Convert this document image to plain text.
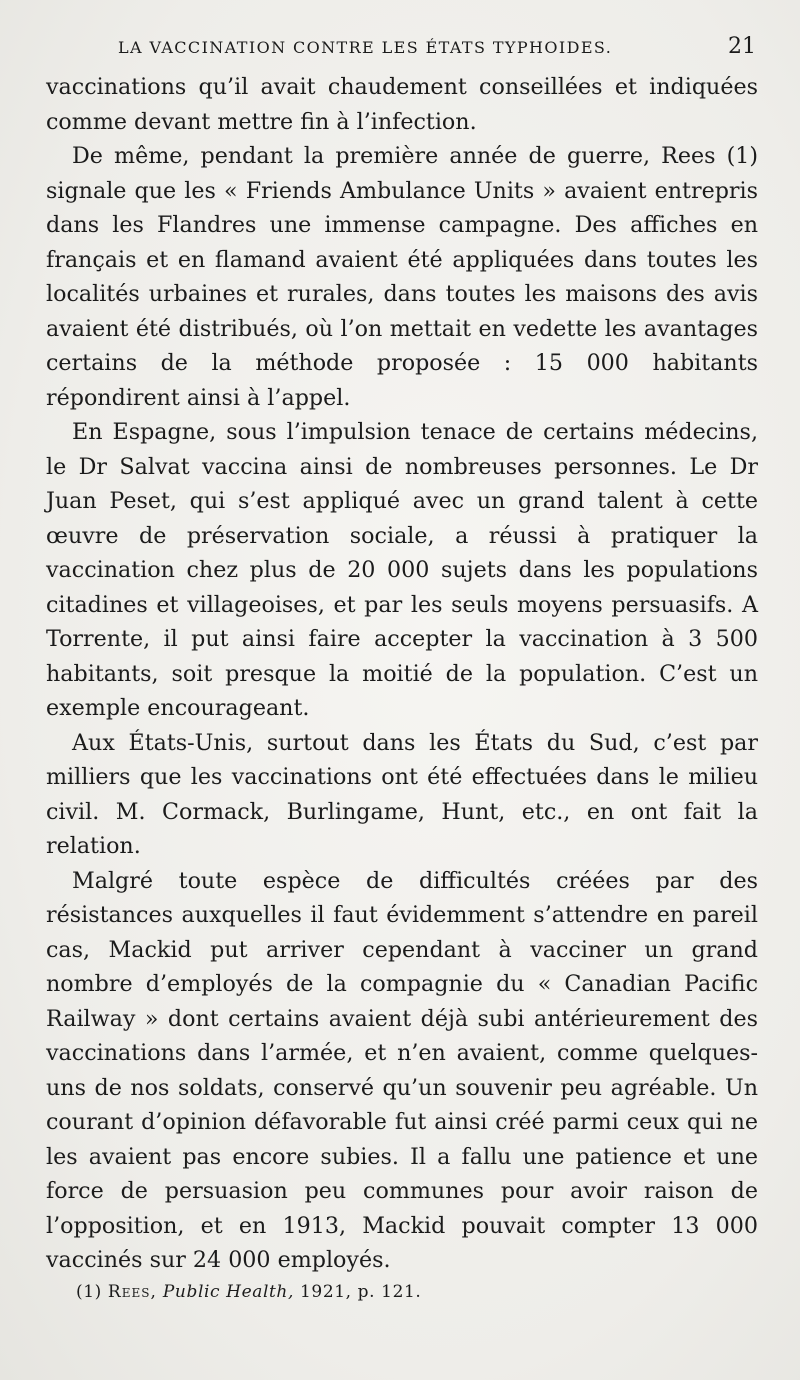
LA VACCINATION CONTRE LES ÉTATS TYPHOIDES.	21

vaccinations qu’il avait chaudement conseillées et indiquées comme devant mettre fin à l’infection.

De même, pendant la première année de guerre, Rees (1) signale que les « Friends Ambulance Units » avaient entrepris dans les Flandres une immense campagne. Des affiches en français et en flamand avaient été appliquées dans toutes les localités urbaines et rurales, dans toutes les maisons des avis avaient été distribués, où l’on mettait en vedette les avantages certains de la méthode proposée : 15 000 habitants répondirent ainsi à l’appel.

En Espagne, sous l’impulsion tenace de certains médecins, le Dr Salvat vaccina ainsi de nombreuses personnes. Le Dr Juan Peset, qui s’est appliqué avec un grand talent à cette œuvre de préservation sociale, a réussi à pratiquer la vaccination chez plus de 20 000 sujets dans les populations citadines et villageoises, et par les seuls moyens persuasifs. A Torrente, il put ainsi faire accepter la vaccination à 3 500 habitants, soit presque la moitié de la population. C’est un exemple encourageant.

Aux États-Unis, surtout dans les États du Sud, c’est par milliers que les vaccinations ont été effectuées dans le milieu civil. M. Cormack, Burlingame, Hunt, etc., en ont fait la relation.

Malgré toute espèce de difficultés créées par des résistances auxquelles il faut évidemment s’attendre en pareil cas, Mackid put arriver cependant à vacciner un grand nombre d’employés de la compagnie du « Canadian Pacific Railway » dont certains avaient déjà subi antérieurement des vaccinations dans l’armée, et n’en avaient, comme quelques-uns de nos soldats, conservé qu’un souvenir peu agréable. Un courant d’opinion défavorable fut ainsi créé parmi ceux qui ne les avaient pas encore subies. Il a fallu une patience et une force de persuasion peu communes pour avoir raison de l’opposition, et en 1913, Mackid pouvait compter 13 000 vaccinés sur 24 000 employés.

(1) Rees, Public Health, 1921, p. 121.
